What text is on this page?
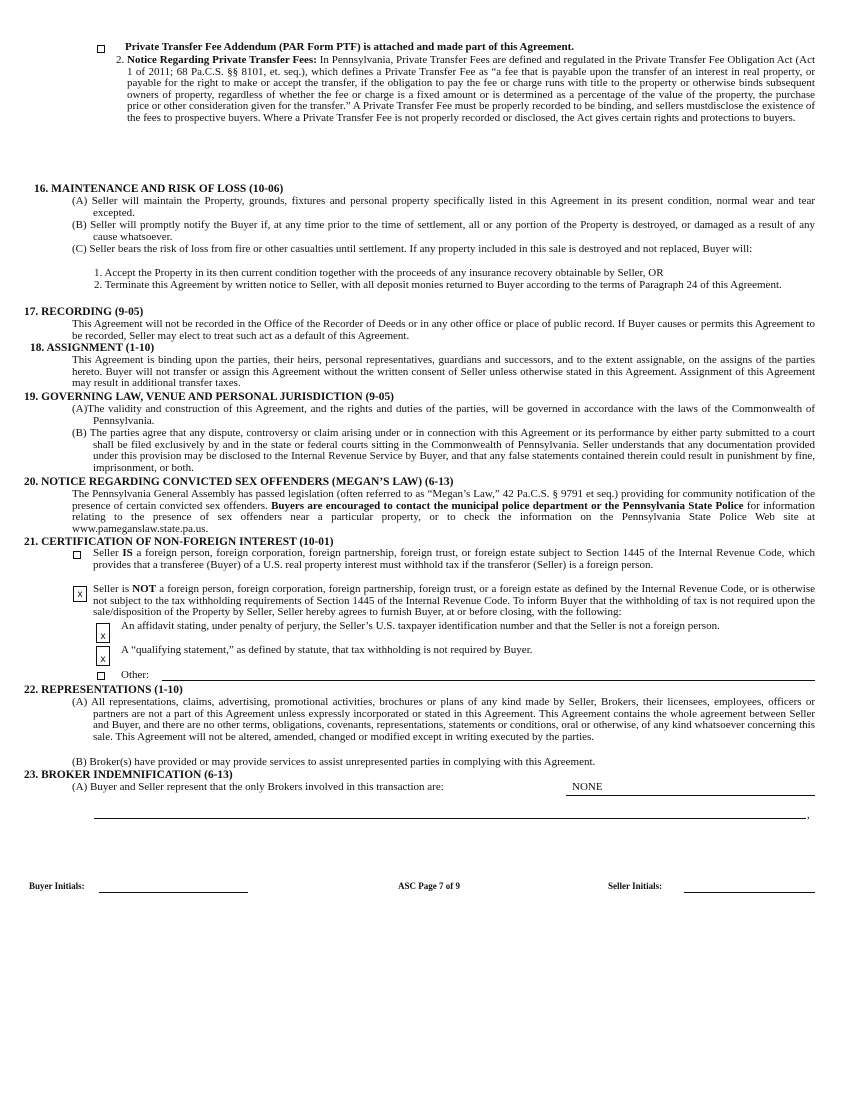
Private Transfer Fee Addendum (PAR Form PTF) is attached and made part of this Agreement.
2. Notice Regarding Private Transfer Fees: In Pennsylvania, Private Transfer Fees are defined and regulated in the Private Transfer Fee Obligation Act (Act 1 of 2011; 68 Pa.C.S. §§ 8101, et. seq.), which defines a Private Transfer Fee as “a fee that is payable upon the transfer of an interest in real property, or payable for the right to make or accept the transfer, if the obligation to pay the fee or charge runs with title to the property or otherwise binds subsequent owners of property, regardless of whether the fee or charge is a fixed amount or is determined as a percentage of the value of the property, the purchase price or other consideration given for the transfer.” A Private Transfer Fee must be properly recorded to be binding, and sellers mustdisclose the existence of the fees to prospective buyers. Where a Private Transfer Fee is not properly recorded or disclosed, the Act gives certain rights and protections to buyers.
16. MAINTENANCE AND RISK OF LOSS (10-06)
(A) Seller will maintain the Property, grounds, fixtures and personal property specifically listed in this Agreement in its present condition, normal wear and tear excepted.
(B) Seller will promptly notify the Buyer if, at any time prior to the time of settlement, all or any portion of the Property is destroyed, or damaged as a result of any cause whatsoever.
(C) Seller bears the risk of loss from fire or other casualties until settlement. If any property included in this sale is destroyed and not replaced, Buyer will:
1. Accept the Property in its then current condition together with the proceeds of any insurance recovery obtainable by Seller, OR
2. Terminate this Agreement by written notice to Seller, with all deposit monies returned to Buyer according to the terms of Paragraph 24 of this Agreement.
17. RECORDING (9-05)
This Agreement will not be recorded in the Office of the Recorder of Deeds or in any other office or place of public record. If Buyer causes or permits this Agreement to be recorded, Seller may elect to treat such act as a default of this Agreement.
18. ASSIGNMENT (1-10)
This Agreement is binding upon the parties, their heirs, personal representatives, guardians and successors, and to the extent assignable, on the assigns of the parties hereto. Buyer will not transfer or assign this Agreement without the written consent of Seller unless otherwise stated in this Agreement. Assignment of this Agreement may result in additional transfer taxes.
19. GOVERNING LAW, VENUE AND PERSONAL JURISDICTION (9-05)
(A)The validity and construction of this Agreement, and the rights and duties of the parties, will be governed in accordance with the laws of the Commonwealth of Pennsylvania.
(B) The parties agree that any dispute, controversy or claim arising under or in connection with this Agreement or its performance by either party submitted to a court shall be filed exclusively by and in the state or federal courts sitting in the Commonwealth of Pennsylvania. Seller understands that any documentation provided under this provision may be disclosed to the Internal Revenue Service by Buyer, and that any false statements contained therein could result in punishment by fine, imprisonment, or both.
20. NOTICE REGARDING CONVICTED SEX OFFENDERS (MEGAN’S LAW) (6-13)
The Pennsylvania General Assembly has passed legislation (often referred to as “Megan’s Law,” 42 Pa.C.S. § 9791 et seq.) providing for community notification of the presence of certain convicted sex offenders. Buyers are encouraged to contact the municipal police department or the Pennsylvania State Police for information relating to the presence of sex offenders near a particular property, or to check the information on the Pennsylvania State Police Web site at www.pameganslaw.state.pa.us.
21. CERTIFICATION OF NON-FOREIGN INTEREST (10-01)
Seller IS a foreign person, foreign corporation, foreign partnership, foreign trust, or foreign estate subject to Section 1445 of the Internal Revenue Code, which provides that a transferee (Buyer) of a U.S. real property interest must withhold tax if the transferor (Seller) is a foreign person.
x Seller is NOT a foreign person, foreign corporation, foreign partnership, foreign trust, or a foreign estate as defined by the Internal Revenue Code, or is otherwise not subject to the tax withholding requirements of Section 1445 of the Internal Revenue Code. To inform Buyer that the withholding of tax is not required upon the sale/disposition of the Property by Seller, Seller hereby agrees to furnish Buyer, at or before closing, with the following:
x
An affidavit stating, under penalty of perjury, the Seller’s U.S. taxpayer identification number and that the Seller is not a foreign person.
x
A “qualifying statement,” as defined by statute, that tax withholding is not required by Buyer.
Other:
22. REPRESENTATIONS (1-10)
(A) All representations, claims, advertising, promotional activities, brochures or plans of any kind made by Seller, Brokers, their licensees, employees, officers or partners are not a part of this Agreement unless expressly incorporated or stated in this Agreement. This Agreement contains the whole agreement between Seller and Buyer, and there are no other terms, obligations, covenants, representations, statements or conditions, oral or otherwise, of any kind whatsoever concerning this sale. This Agreement will not be altered, amended, changed or modified except in writing executed by the parties.
(B) Broker(s) have provided or may provide services to assist unrepresented parties in complying with this Agreement.
23. BROKER INDEMNIFICATION (6-13)
(A) Buyer and Seller represent that the only Brokers involved in this transaction are:	NONE
,
Buyer Initials:	ASC Page 7 of 9	Seller Initials:
